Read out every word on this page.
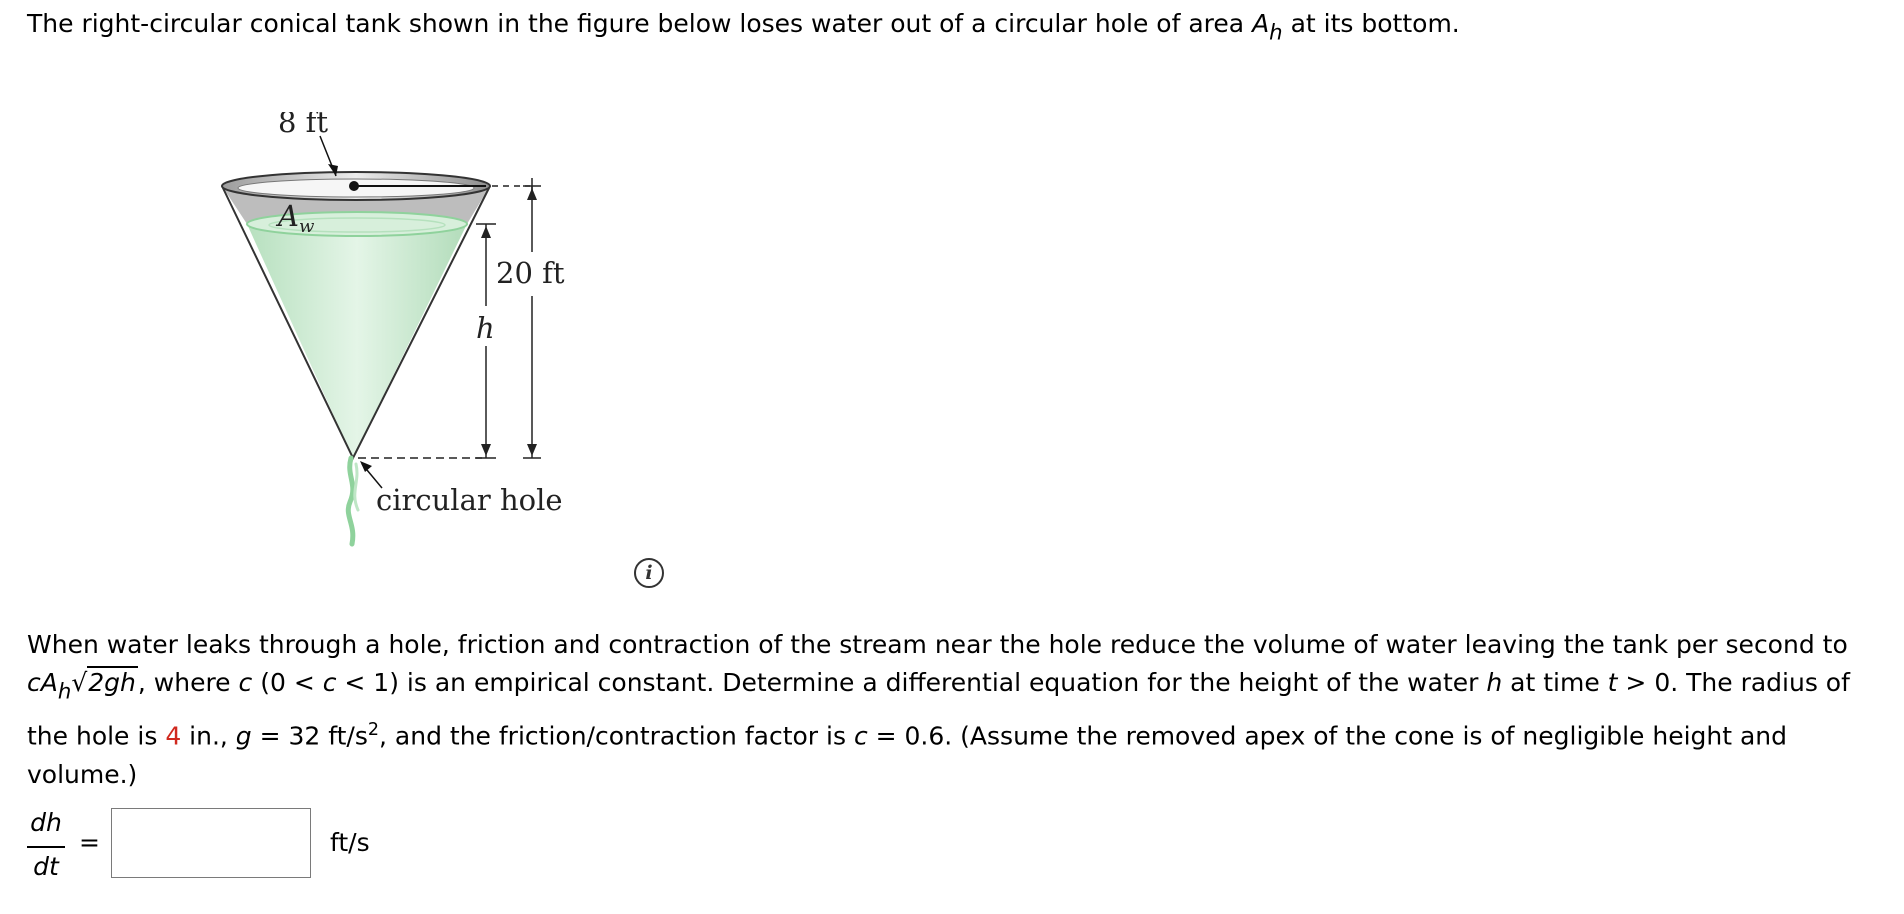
The right-circular conical tank shown in the figure below loses water out of a circular hole of area $A_h$ at its bottom.

8 ft
$A_w$
20 ft
h
circular hole
i

When water leaks through a hole, friction and contraction of the stream near the hole reduce the volume of water leaving the tank per second to $cA_h√2gh$, where c (0 < c < 1) is an empirical constant. Determine a differential equation for the height of the water h at time t > 0. The radius of the hole is 4 in., g = 32 $ft/s^2$, and the friction/contraction factor is c = 0.6. (Assume the removed apex of the cone is of negligible height and volume.)

dh
dt
=	ft/s
